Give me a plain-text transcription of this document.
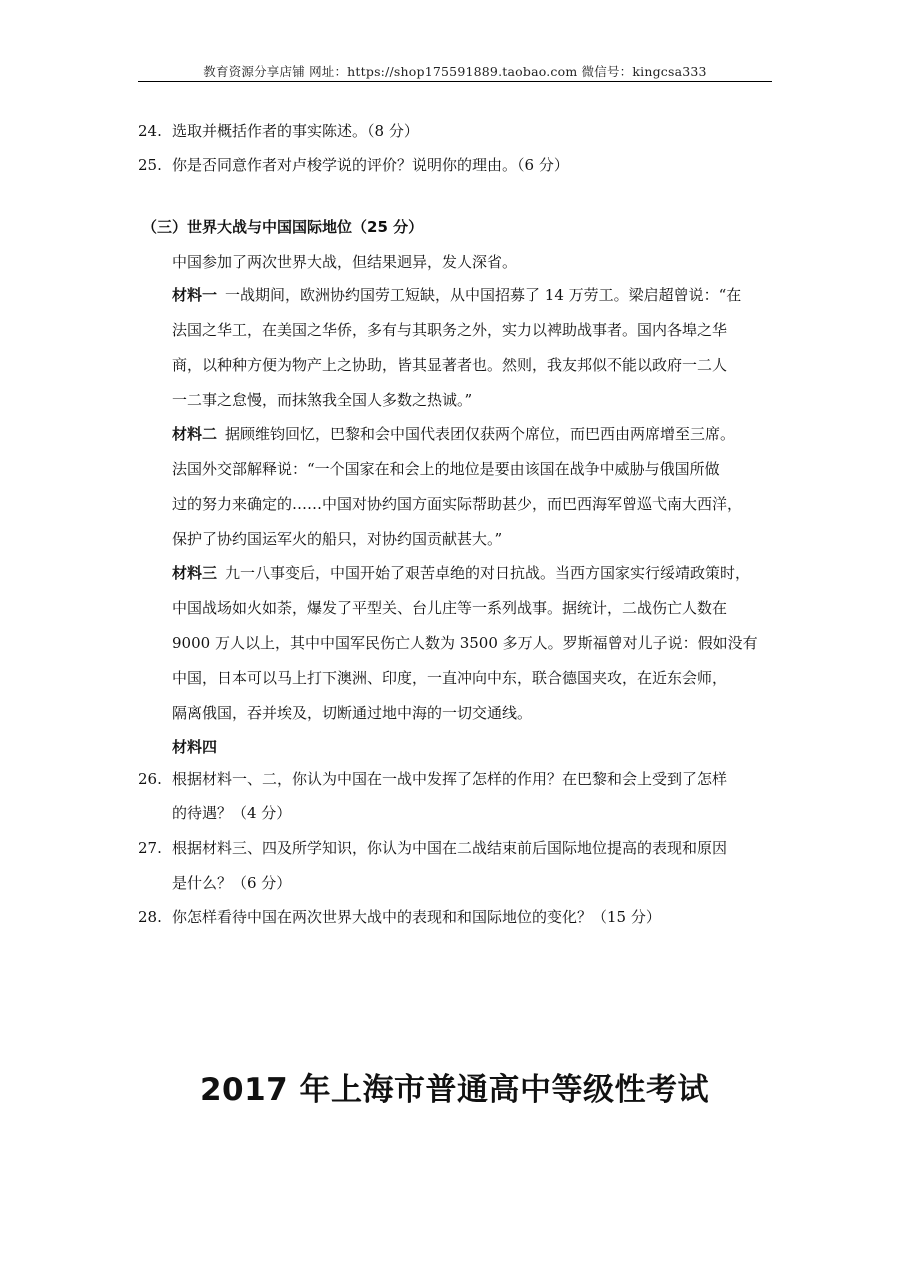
教育资源分享店铺 网址：https://shop175591889.taobao.com 微信号：kingcsa333
24. 选取并概括作者的事实陈述。（8 分）
25. 你是否同意作者对卢梭学说的评价？说明你的理由。（6 分）
（三）世界大战与中国国际地位（25 分）
中国参加了两次世界大战，但结果迥异，发人深省。
材料一 一战期间，欧洲协约国劳工短缺，从中国招募了 14 万劳工。梁启超曾说：“在
法国之华工，在美国之华侨，多有与其职务之外，实力以裨助战事者。国内各埠之华
商，以种种方便为物产上之协助，皆其显著者也。然则，我友邦似不能以政府一二人
一二事之怠慢，而抹煞我全国人多数之热诚。”
材料二 据顾维钧回忆，巴黎和会中国代表团仅获两个席位，而巴西由两席增至三席。
法国外交部解释说：“一个国家在和会上的地位是要由该国在战争中威胁与俄国所做
过的努力来确定的……中国对协约国方面实际帮助甚少，而巴西海军曾巡弋南大西洋，
保护了协约国运军火的船只，对协约国贡献甚大。”
材料三 九一八事变后，中国开始了艰苦卓绝的对日抗战。当西方国家实行绥靖政策时，
中国战场如火如荼，爆发了平型关、台儿庄等一系列战事。据统计，二战伤亡人数在
9000 万人以上，其中中国军民伤亡人数为 3500 多万人。罗斯福曾对儿子说：假如没有
中国，日本可以马上打下澳洲、印度，一直冲向中东，联合德国夹攻，在近东会师，
隔离俄国，吞并埃及，切断通过地中海的一切交通线。
材料四
26. 根据材料一、二，你认为中国在一战中发挥了怎样的作用？在巴黎和会上受到了怎样
的待遇？（4 分）
27. 根据材料三、四及所学知识，你认为中国在二战结束前后国际地位提高的表现和原因
是什么？（6 分）
28. 你怎样看待中国在两次世界大战中的表现和和国际地位的变化？（15 分）
2017 年上海市普通高中等级性考试
